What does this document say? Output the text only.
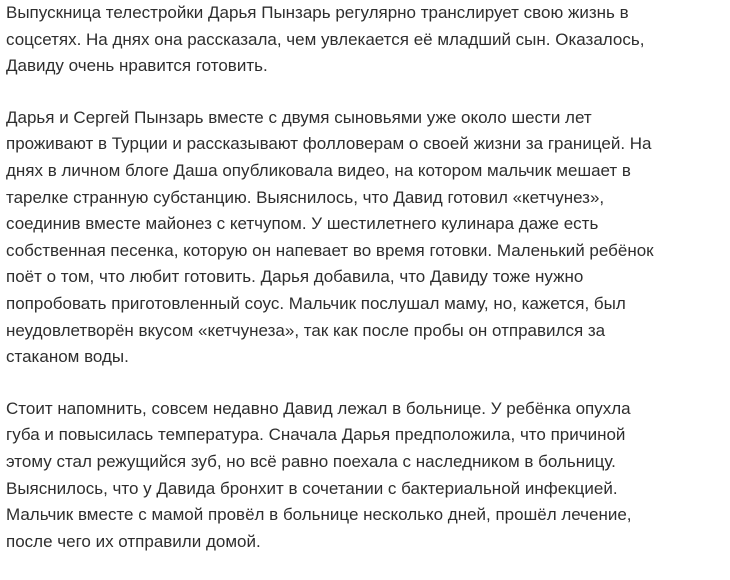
Выпускница телестройки Дарья Пынзарь регулярно транслирует свою жизнь в
соцсетях. На днях она рассказала, чем увлекается её младший сын. Оказалось,
Давиду очень нравится готовить.

Дарья и Сергей Пынзарь вместе с двумя сыновьями уже около шести лет
проживают в Турции и рассказывают фолловерам о своей жизни за границей. На
днях в личном блоге Даша опубликовала видео, на котором мальчик мешает в
тарелке странную субстанцию. Выяснилось, что Давид готовил «кетчунез»,
соединив вместе майонез с кетчупом. У шестилетнего кулинара даже есть
собственная песенка, которую он напевает во время готовки. Маленький ребёнок
поёт о том, что любит готовить. Дарья добавила, что Давиду тоже нужно
попробовать приготовленный соус. Мальчик послушал маму, но, кажется, был
неудовлетворён вкусом «кетчунеза», так как после пробы он отправился за
стаканом воды.

Стоит напомнить, совсем недавно Давид лежал в больнице. У ребёнка опухла
губа и повысилась температура. Сначала Дарья предположила, что причиной
этому стал режущийся зуб, но всё равно поехала с наследником в больницу.
Выяснилось, что у Давида бронхит в сочетании с бактериальной инфекцией.
Мальчик вместе с мамой провёл в больнице несколько дней, прошёл лечение,
после чего их отправили домой.
